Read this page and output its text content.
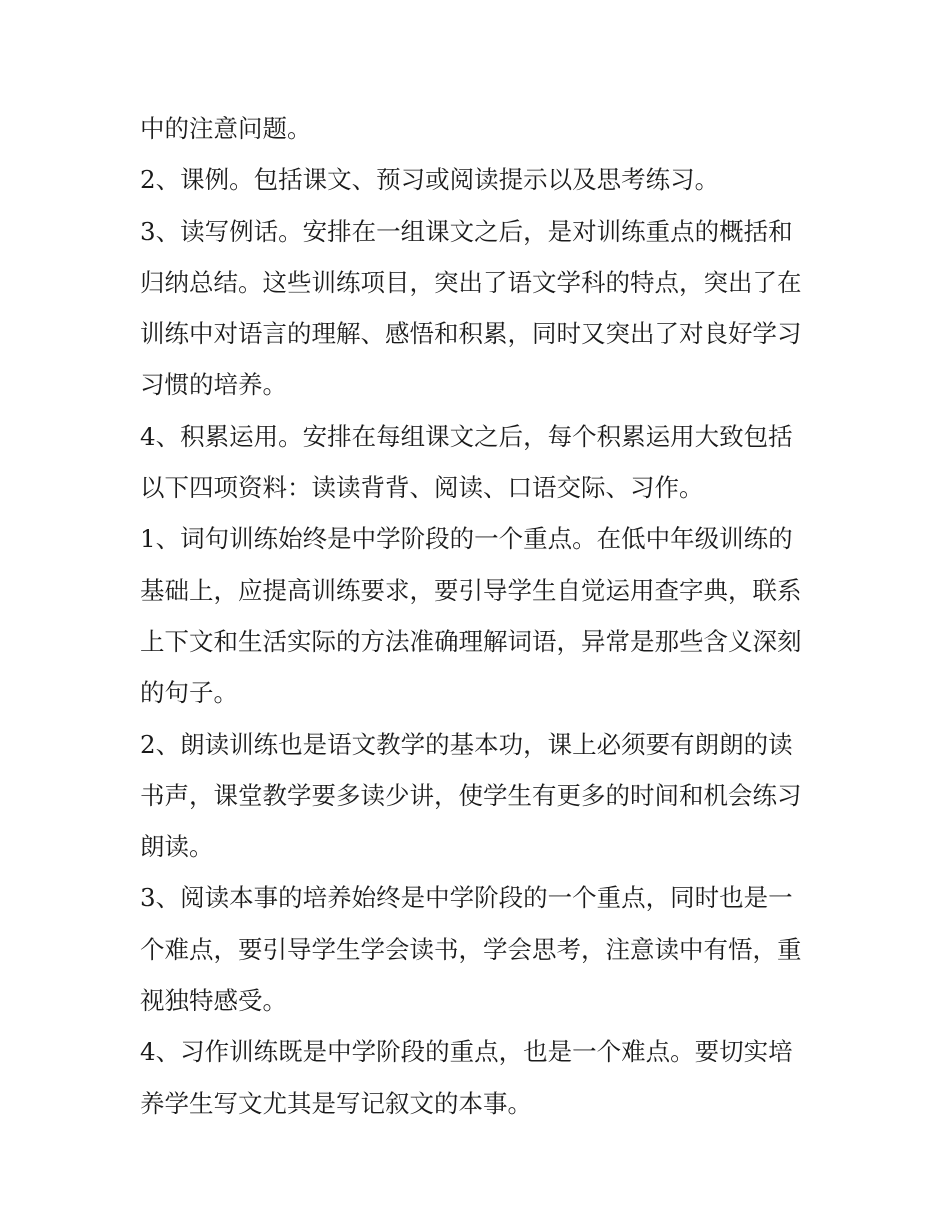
中的注意问题。

2、课例。包括课文、预习或阅读提示以及思考练习。

3、读写例话。安排在一组课文之后，是对训练重点的概括和
归纳总结。这些训练项目，突出了语文学科的特点，突出了在
训练中对语言的理解、感悟和积累，同时又突出了对良好学习
习惯的培养。

4、积累运用。安排在每组课文之后，每个积累运用大致包括
以下四项资料：读读背背、阅读、口语交际、习作。

1、词句训练始终是中学阶段的一个重点。在低中年级训练的
基础上，应提高训练要求，要引导学生自觉运用查字典，联系
上下文和生活实际的方法准确理解词语，异常是那些含义深刻
的句子。

2、朗读训练也是语文教学的基本功，课上必须要有朗朗的读
书声，课堂教学要多读少讲，使学生有更多的时间和机会练习
朗读。

3、阅读本事的培养始终是中学阶段的一个重点，同时也是一
个难点，要引导学生学会读书，学会思考，注意读中有悟，重
视独特感受。

4、习作训练既是中学阶段的重点，也是一个难点。要切实培
养学生写文尤其是写记叙文的本事。
